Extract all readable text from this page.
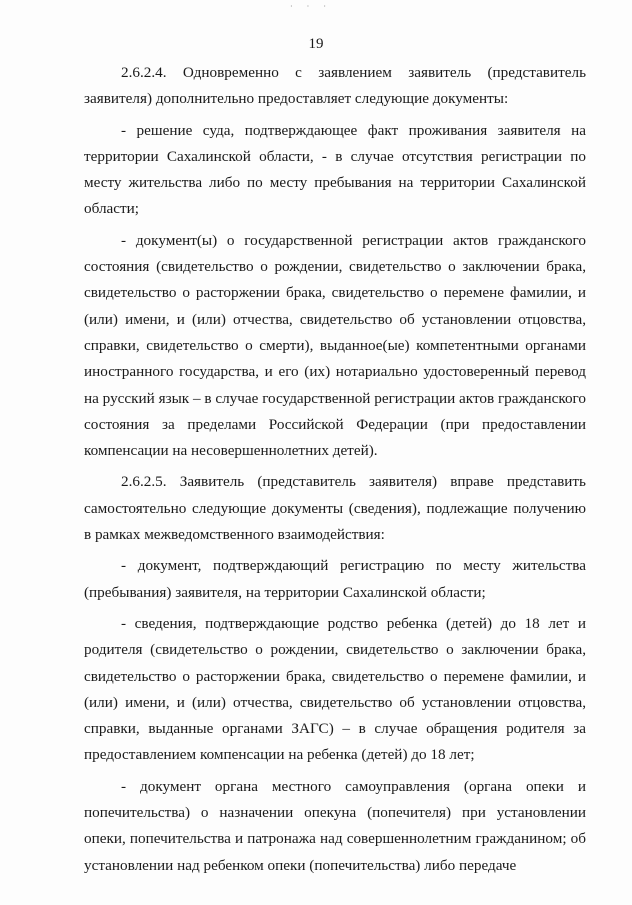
· · ·
19

2.6.2.4. Одновременно с заявлением заявитель (представитель заявителя) дополнительно предоставляет следующие документы:

- решение суда, подтверждающее факт проживания заявителя на территории Сахалинской области, - в случае отсутствия регистрации по месту жительства либо по месту пребывания на территории Сахалинской области;

- документ(ы) о государственной регистрации актов гражданского состояния (свидетельство о рождении, свидетельство о заключении брака, свидетельство о расторжении брака, свидетельство о перемене фамилии, и (или) имени, и (или) отчества, свидетельство об установлении отцовства, справки, свидетельство о смерти), выданное(ые) компетентными органами иностранного государства, и его (их) нотариально удостоверенный перевод на русский язык – в случае государственной регистрации актов гражданского состояния за пределами Российской Федерации (при предоставлении компенсации на несовершеннолетних детей).

2.6.2.5. Заявитель (представитель заявителя) вправе представить самостоятельно следующие документы (сведения), подлежащие получению в рамках межведомственного взаимодействия:

- документ, подтверждающий регистрацию по месту жительства (пребывания) заявителя, на территории Сахалинской области;

- сведения, подтверждающие родство ребенка (детей) до 18 лет и родителя (свидетельство о рождении, свидетельство о заключении брака, свидетельство о расторжении брака, свидетельство о перемене фамилии, и (или) имени, и (или) отчества, свидетельство об установлении отцовства, справки, выданные органами ЗАГС) – в случае обращения родителя за предоставлением компенсации на ребенка (детей) до 18 лет;

- документ органа местного самоуправления (органа опеки и попечительства) о назначении опекуна (попечителя) при установлении опеки, попечительства и патронажа над совершеннолетним гражданином; об установлении над ребенком опеки (попечительства) либо передаче
